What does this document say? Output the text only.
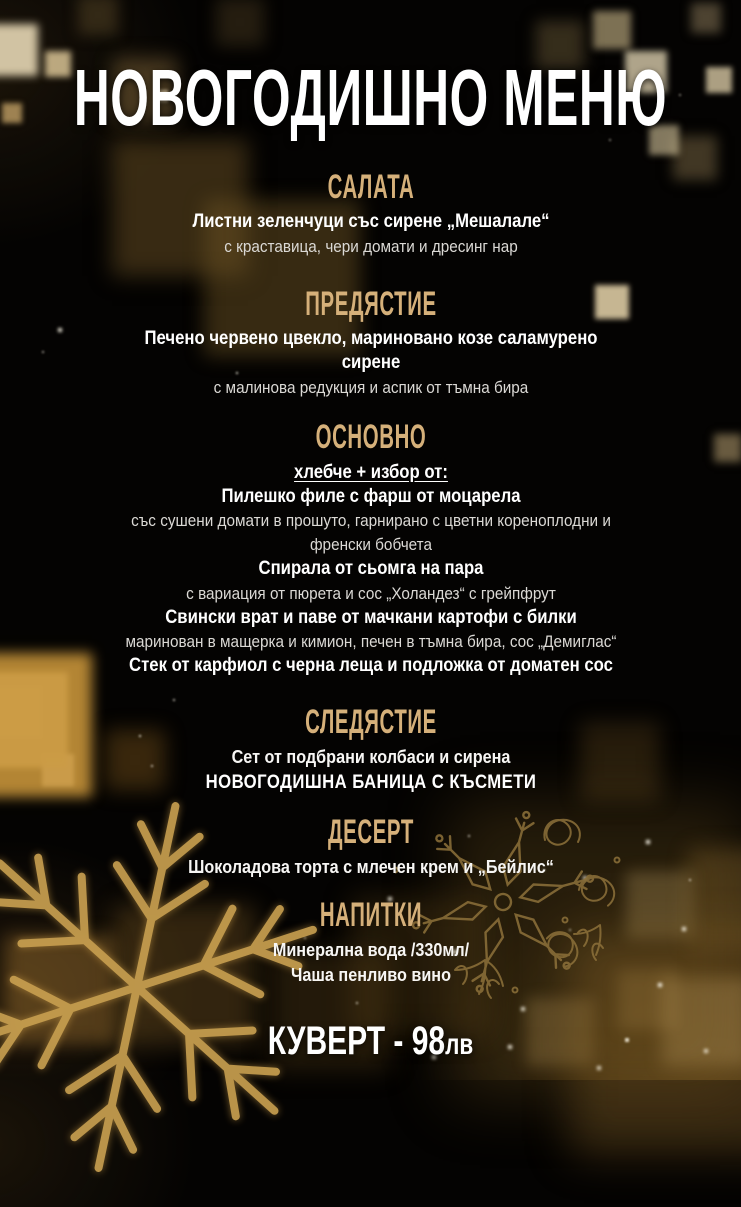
НОВОГОДИШНО МЕНЮ
САЛАТА

Листни зеленчуци със сирене „Мешалале“

с краставица, чери домати и дресинг нар

ПРЕДЯСТИЕ

Печено червено цвекло, мариновано козе саламурено сирене

с малинова редукция и аспик от тъмна бира

ОСНОВНО

хлебче + избор от:

Пилешко филе с фарш от моцарела

със сушени домати в прошуто, гарнирано с цветни кореноплодни и френски бобчета

Спирала от сьомга на пара

с вариация от пюрета и сос „Холандез“ с грейпфрут

Свински врат и паве от мачкани картофи с билки

маринован в мащерка и кимион, печен в тъмна бира, сос „Демиглас“

Стек от карфиол с черна леща и подложка от доматен сос

СЛЕДЯСТИЕ

Сет от подбрани колбаси и сирена

НОВОГОДИШНА БАНИЦА С КЪСМЕТИ

ДЕСЕРТ

Шоколадова торта с млечен крем и „Бейлис“

НАПИТКИ

Минерална вода /330мл/

Чаша пенливо вино

КУВЕРТ - 98лв
